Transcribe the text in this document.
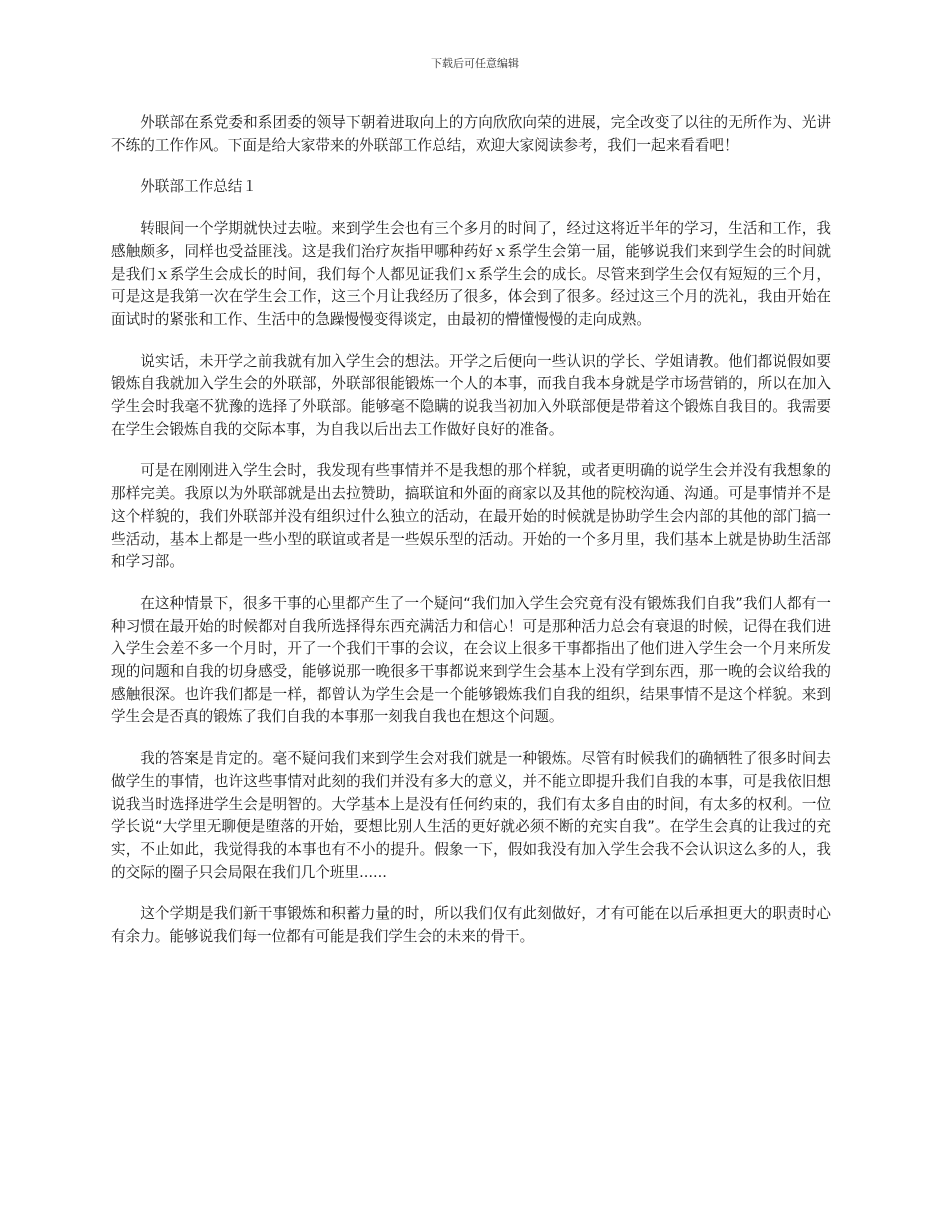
下载后可任意编辑

外联部在系党委和系团委的领导下朝着进取向上的方向欣欣向荣的进展，完全改变了以往的无所作为、光讲不练的工作作风。下面是给大家带来的外联部工作总结，欢迎大家阅读参考，我们一起来看看吧！

外联部工作总结１

转眼间一个学期就快过去啦。来到学生会也有三个多月的时间了，经过这将近半年的学习，生活和工作，我感触颇多，同样也受益匪浅。这是我们治疗灰指甲哪种药好ｘ系学生会第一届，能够说我们来到学生会的时间就是我们ｘ系学生会成长的时间，我们每个人都见证我们ｘ系学生会的成长。尽管来到学生会仅有短短的三个月，可是这是我第一次在学生会工作，这三个月让我经历了很多，体会到了很多。经过这三个月的洗礼，我由开始在面试时的紧张和工作、生活中的急躁慢慢变得谈定，由最初的懵懂慢慢的走向成熟。

说实话，未开学之前我就有加入学生会的想法。开学之后便向一些认识的学长、学姐请教。他们都说假如要锻炼自我就加入学生会的外联部，外联部很能锻炼一个人的本事，而我自我本身就是学市场营销的，所以在加入学生会时我毫不犹豫的选择了外联部。能够毫不隐瞒的说我当初加入外联部便是带着这个锻炼自我目的。我需要在学生会锻炼自我的交际本事，为自我以后出去工作做好良好的准备。

可是在刚刚进入学生会时，我发现有些事情并不是我想的那个样貌，或者更明确的说学生会并没有我想象的那样完美。我原以为外联部就是出去拉赞助，搞联谊和外面的商家以及其他的院校沟通、沟通。可是事情并不是这个样貌的，我们外联部并没有组织过什么独立的活动，在最开始的时候就是协助学生会内部的其他的部门搞一些活动，基本上都是一些小型的联谊或者是一些娱乐型的活动。开始的一个多月里，我们基本上就是协助生活部和学习部。

在这种情景下，很多干事的心里都产生了一个疑问“我们加入学生会究竟有没有锻炼我们自我”我们人都有一种习惯在最开始的时候都对自我所选择得东西充满活力和信心！可是那种活力总会有衰退的时候，记得在我们进入学生会差不多一个月时，开了一个我们干事的会议，在会议上很多干事都指出了他们进入学生会一个月来所发现的问题和自我的切身感受，能够说那一晚很多干事都说来到学生会基本上没有学到东西，那一晚的会议给我的感触很深。也许我们都是一样，都曾认为学生会是一个能够锻炼我们自我的组织，结果事情不是这个样貌。来到学生会是否真的锻炼了我们自我的本事那一刻我自我也在想这个问题。

我的答案是肯定的。毫不疑问我们来到学生会对我们就是一种锻炼。尽管有时候我们的确牺牲了很多时间去做学生的事情，也许这些事情对此刻的我们并没有多大的意义，并不能立即提升我们自我的本事，可是我依旧想说我当时选择进学生会是明智的。大学基本上是没有任何约束的，我们有太多自由的时间，有太多的权利。一位学长说“大学里无聊便是堕落的开始，要想比别人生活的更好就必须不断的充实自我”。在学生会真的让我过的充实，不止如此，我觉得我的本事也有不小的提升。假象一下，假如我没有加入学生会我不会认识这么多的人，我的交际的圈子只会局限在我们几个班里......

这个学期是我们新干事锻炼和积蓄力量的时，所以我们仅有此刻做好，才有可能在以后承担更大的职责时心有余力。能够说我们每一位都有可能是我们学生会的未来的骨干。
